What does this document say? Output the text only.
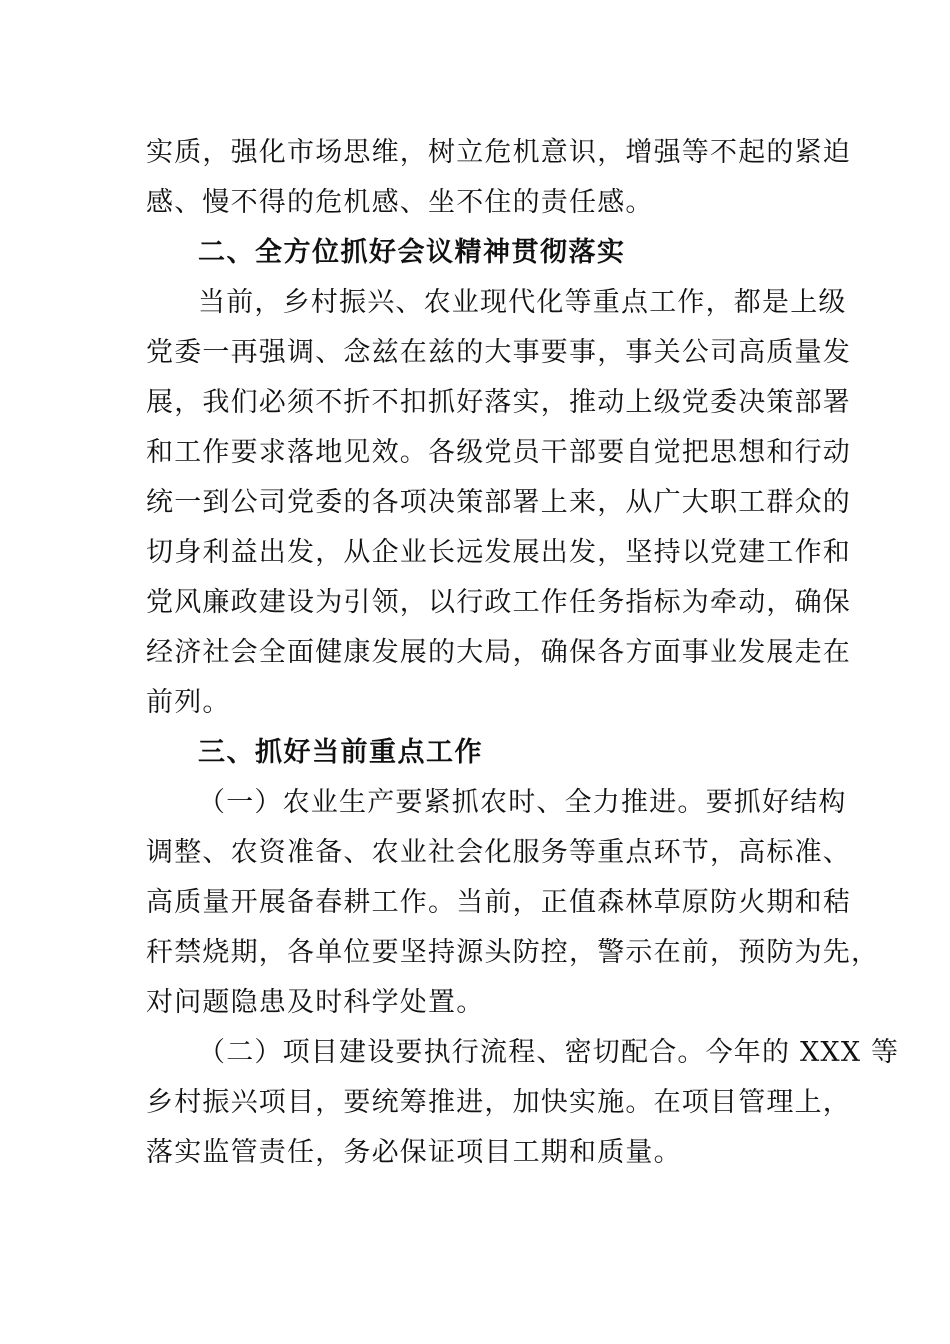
实质，强化市场思维，树立危机意识，增强等不起的紧迫
感、慢不得的危机感、坐不住的责任感。
二、全方位抓好会议精神贯彻落实
当前，乡村振兴、农业现代化等重点工作，都是上级
党委一再强调、念兹在兹的大事要事，事关公司高质量发
展，我们必须不折不扣抓好落实，推动上级党委决策部署
和工作要求落地见效。各级党员干部要自觉把思想和行动
统一到公司党委的各项决策部署上来，从广大职工群众的
切身利益出发，从企业长远发展出发，坚持以党建工作和
党风廉政建设为引领，以行政工作任务指标为牵动，确保
经济社会全面健康发展的大局，确保各方面事业发展走在
前列。
三、抓好当前重点工作
（一）农业生产要紧抓农时、全力推进。要抓好结构
调整、农资准备、农业社会化服务等重点环节，高标准、
高质量开展备春耕工作。当前，正值森林草原防火期和秸
秆禁烧期，各单位要坚持源头防控，警示在前，预防为先，
对问题隐患及时科学处置。
（二）项目建设要执行流程、密切配合。今年的 XXX 等
乡村振兴项目，要统筹推进，加快实施。在项目管理上，
落实监管责任，务必保证项目工期和质量。
